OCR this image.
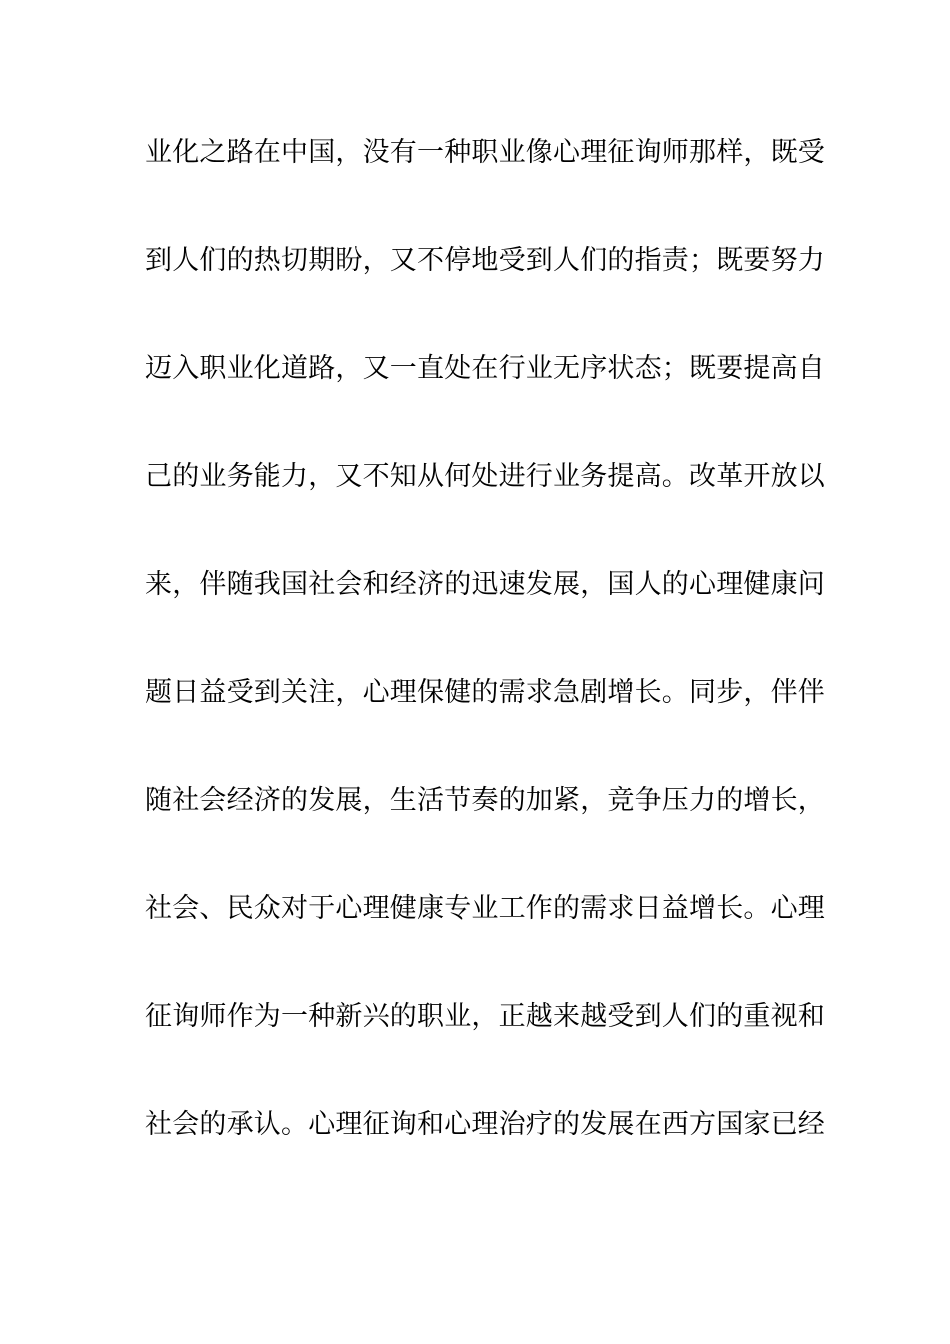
业化之路在中国，没有一种职业像心理征询师那样，既受
到人们的热切期盼，又不停地受到人们的指责；既要努力
迈入职业化道路，又一直处在行业无序状态；既要提高自
己的业务能力，又不知从何处进行业务提高。改革开放以
来，伴随我国社会和经济的迅速发展，国人的心理健康问
题日益受到关注，心理保健的需求急剧增长。同步，伴伴
随社会经济的发展，生活节奏的加紧，竞争压力的增长，
社会、民众对于心理健康专业工作的需求日益增长。心理
征询师作为一种新兴的职业，正越来越受到人们的重视和
社会的承认。心理征询和心理治疗的发展在西方国家已经
